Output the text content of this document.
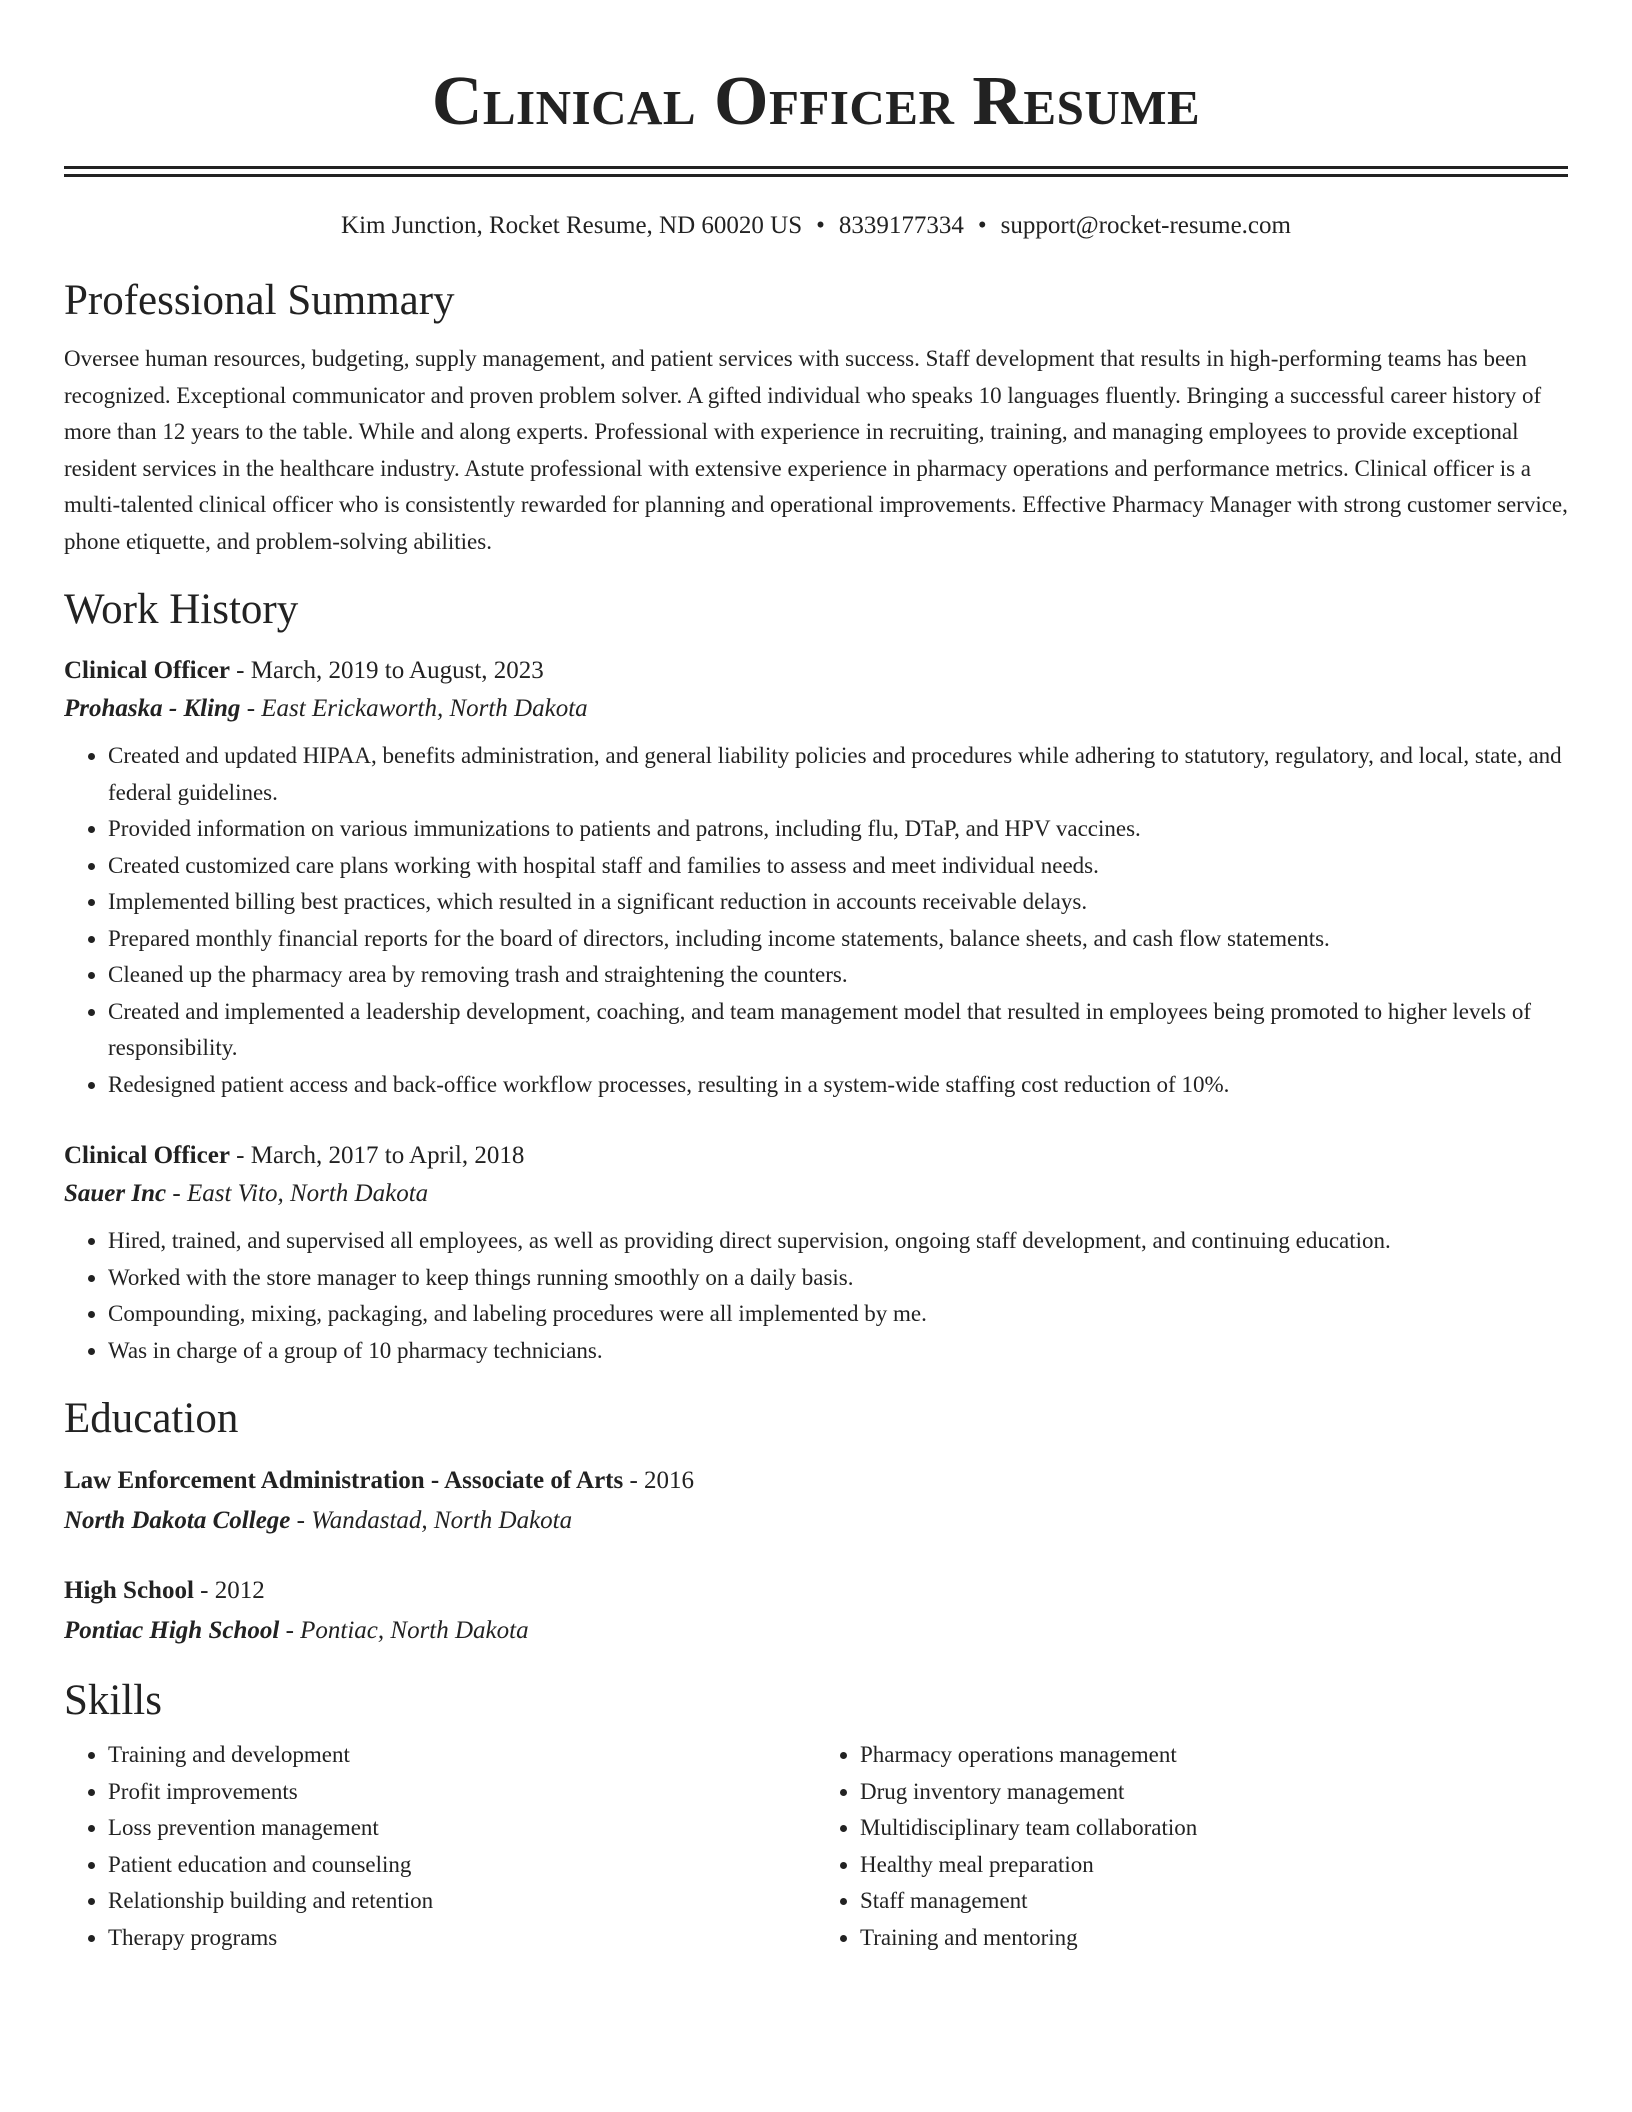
Clinical Officer Resume
Kim Junction, Rocket Resume, ND 60020 US • 8339177334 • support@rocket-resume.com
Professional Summary

Oversee human resources, budgeting, supply management, and patient services with success. Staff development that results in high-performing teams has been recognized. Exceptional communicator and proven problem solver. A gifted individual who speaks 10 languages fluently. Bringing a successful career history of more than 12 years to the table. While and along experts. Professional with experience in recruiting, training, and managing employees to provide exceptional resident services in the healthcare industry. Astute professional with extensive experience in pharmacy operations and performance metrics. Clinical officer is a multi-talented clinical officer who is consistently rewarded for planning and operational improvements. Effective Pharmacy Manager with strong customer service, phone etiquette, and problem-solving abilities.

Work History
Clinical Officer - March, 2019 to August, 2023
Prohaska - Kling - East Erickaworth, North Dakota
• Created and updated HIPAA, benefits administration, and general liability policies and procedures while adhering to statutory, regulatory, and local, state, and federal guidelines.
• Provided information on various immunizations to patients and patrons, including flu, DTaP, and HPV vaccines.
• Created customized care plans working with hospital staff and families to assess and meet individual needs.
• Implemented billing best practices, which resulted in a significant reduction in accounts receivable delays.
• Prepared monthly financial reports for the board of directors, including income statements, balance sheets, and cash flow statements.
• Cleaned up the pharmacy area by removing trash and straightening the counters.
• Created and implemented a leadership development, coaching, and team management model that resulted in employees being promoted to higher levels of responsibility.
• Redesigned patient access and back-office workflow processes, resulting in a system-wide staffing cost reduction of 10%.
Clinical Officer - March, 2017 to April, 2018
Sauer Inc - East Vito, North Dakota
• Hired, trained, and supervised all employees, as well as providing direct supervision, ongoing staff development, and continuing education.
• Worked with the store manager to keep things running smoothly on a daily basis.
• Compounding, mixing, packaging, and labeling procedures were all implemented by me.
• Was in charge of a group of 10 pharmacy technicians.
Education
Law Enforcement Administration - Associate of Arts - 2016
North Dakota College - Wandastad, North Dakota
High School - 2012
Pontiac High School - Pontiac, North Dakota
Skills
• Training and development
• Profit improvements
• Loss prevention management
• Patient education and counseling
• Relationship building and retention
• Therapy programs
• Pharmacy operations management
• Drug inventory management
• Multidisciplinary team collaboration
• Healthy meal preparation
• Staff management
• Training and mentoring
